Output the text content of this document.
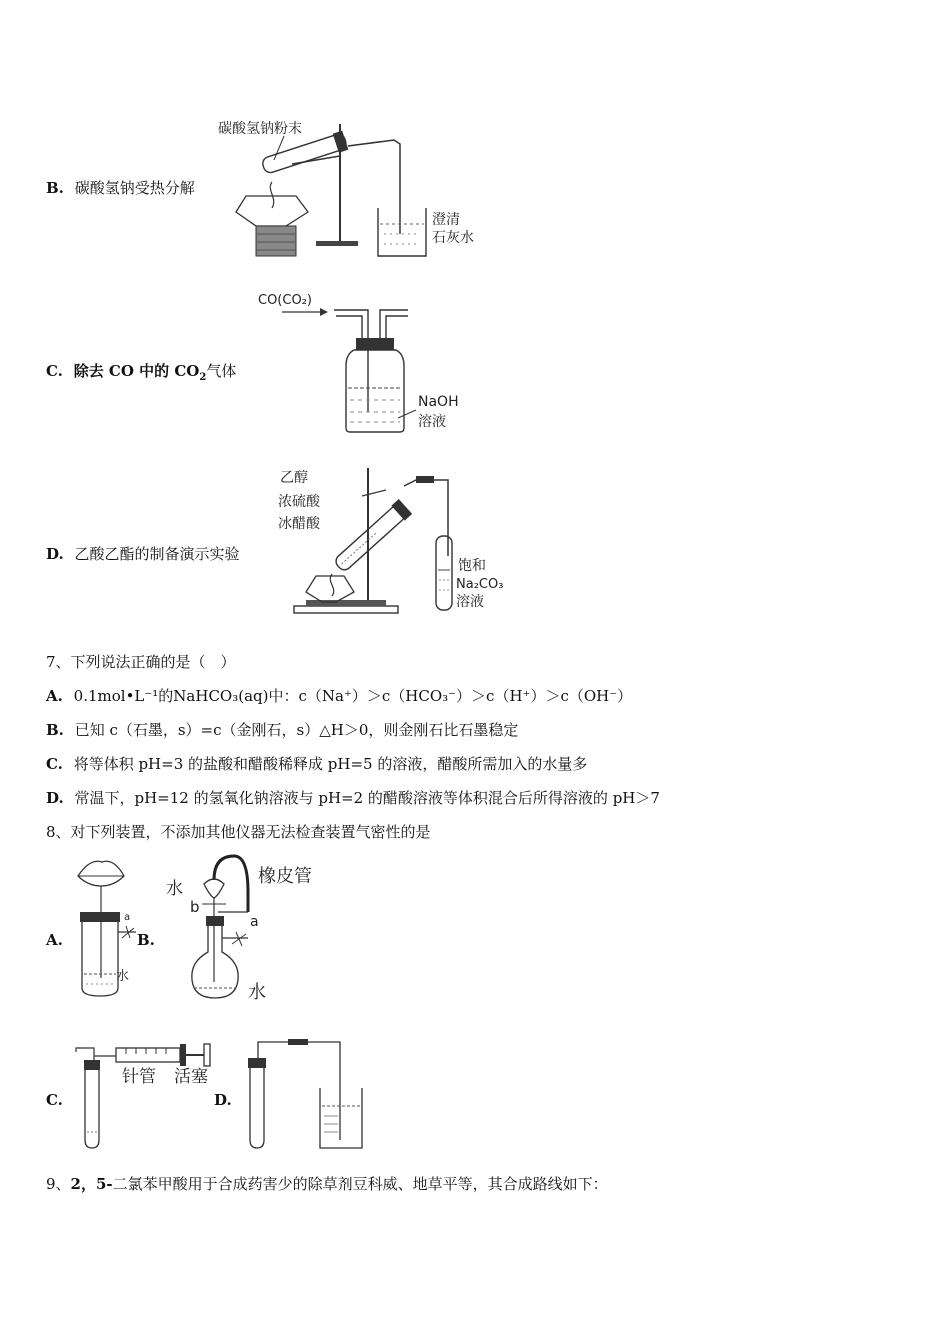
B. 碳酸氢钠受热分解
碳酸氢钠粉末
澄清
石灰水
C. 除去 CO 中的 $CO_2$气体
CO(CO₂)
NaOH
溶液
D. 乙酸乙酯的制备演示实验
乙醇
浓硫酸
冰醋酸
饱和
Na₂CO₃
溶液
7、下列说法正确的是（　）
A. 0.1mol•L⁻¹的NaHCO₃(aq)中：c（Na⁺）＞c（HCO₃⁻）＞c（H⁺）＞c（OH⁻）
B. 已知 c（石墨，s）=c（金刚石，s）△H＞0，则金刚石比石墨稳定
C. 将等体积 pH=3 的盐酸和醋酸稀释成 pH=5 的溶液，醋酸所需加入的水量多
D. 常温下，pH=12 的氢氧化钠溶液与 pH=2 的醋酸溶液等体积混合后所得溶液的 pH＞7
8、对下列装置，不添加其他仪器无法检查装置气密性的是
A.
a
水
B.
水
b
橡皮管
a
水
C.
针管 活塞
D.
9、2，5-二氯苯甲酸用于合成药害少的除草剂豆科威、地草平等，其合成路线如下：
